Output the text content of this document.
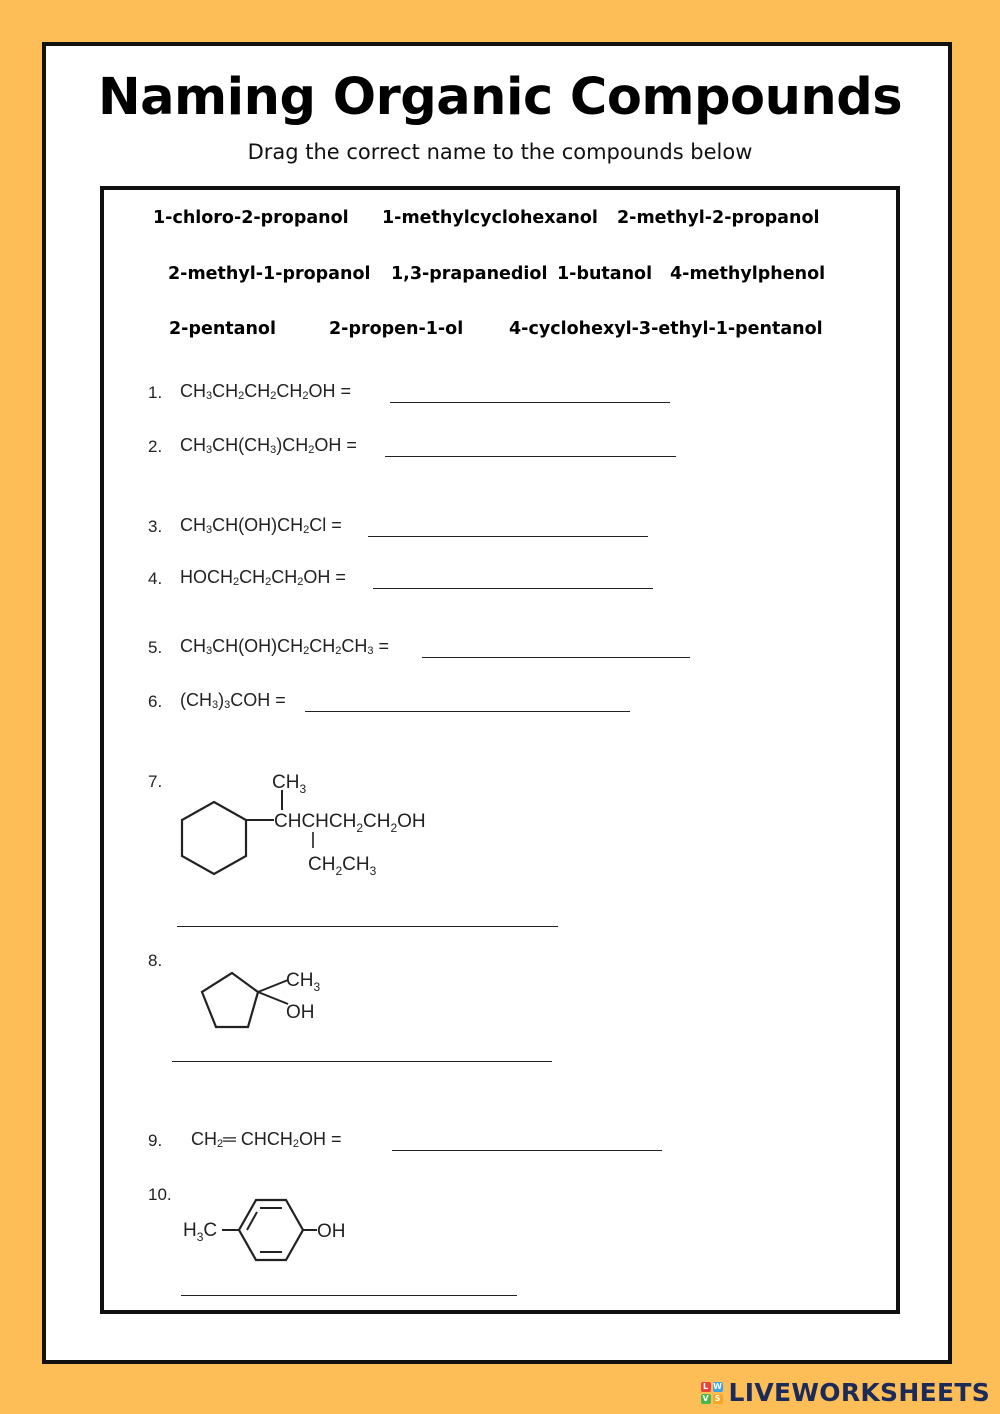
Naming Organic Compounds
Drag the correct name to the compounds below
1-chloro-2-propanol 1-methylcyclohexanol 2-methyl-2-propanol
2-methyl-1-propanol 1,3-prapanediol 1-butanol 4-methylphenol
2-pentanol	2-propen-1-ol	4-cyclohexyl-3-ethyl-1-pentanol
1. $CH_3CH_2CH_2CH_2OH$ =
2. $CH_3CH(CH_3)CH_2OH$ =
3. $CH_3CH(OH)CH_2Cl$ =
4. $HOCH_2CH_2CH_2OH$ =
5. $CH_3CH(OH)CH_2CH_2CH_3$ =
6. $(CH_3)_3COH$ =
7.	$CH_3$
$CHCHCH_2CH_2OH$
$CH_2CH_3$
8.
$CH_3$
OH
9. $CH_2═$ $CHCH_2OH$ =
10.
$H_3C$	OH
L W
V S LIVEWORKSHEETS
